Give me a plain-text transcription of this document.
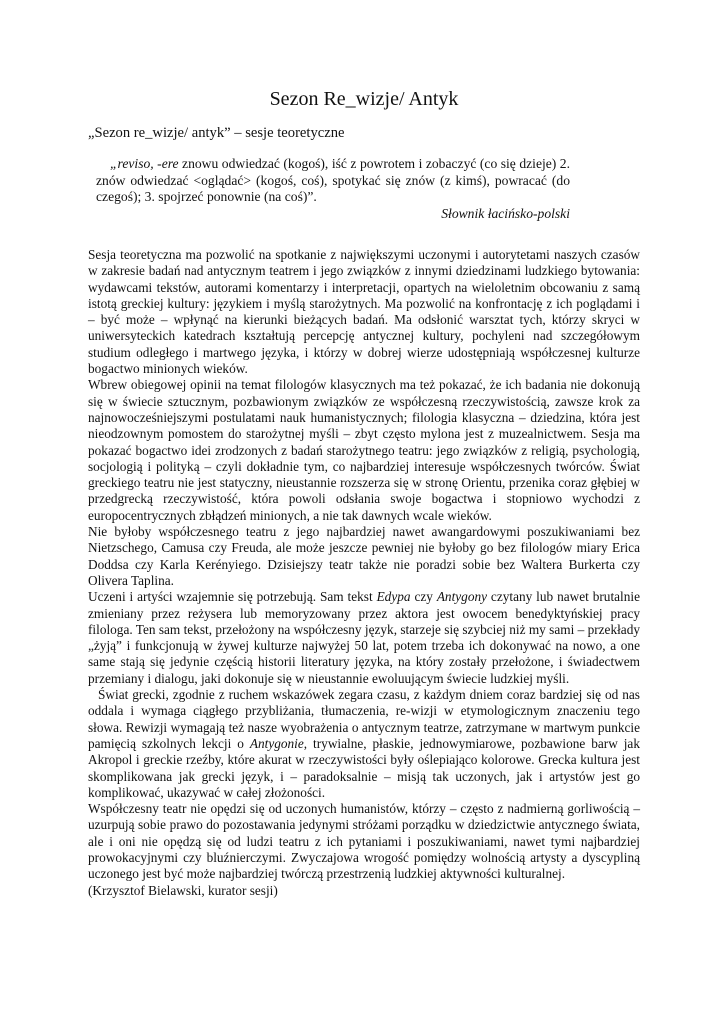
Sezon Re_wizje/ Antyk

„Sezon re_wizje/ antyk” – sesje teoretyczne

„reviso, -ere znowu odwiedzać (kogoś), iść z powrotem i zobaczyć (co się dzieje) 2. znów odwiedzać <oglądać> (kogoś, coś), spotykać się znów (z kimś), powracać (do czegoś); 3. spojrzeć ponownie (na coś)”.

Słownik łacińsko-polski

Sesja teoretyczna ma pozwolić na spotkanie z największymi uczonymi i autorytetami naszych czasów w zakresie badań nad antycznym teatrem i jego związków z innymi dziedzinami ludzkiego bytowania: wydawcami tekstów, autorami komentarzy i interpretacji, opartych na wieloletnim obcowaniu z samą istotą greckiej kultury: językiem i myślą starożytnych. Ma pozwolić na konfrontację z ich poglądami i – być może – wpłynąć na kierunki bieżących badań. Ma odsłonić warsztat tych, którzy skryci w uniwersyteckich katedrach kształtują percepcję antycznej kultury, pochyleni nad szczegółowym studium odległego i martwego języka, i którzy w dobrej wierze udostępniają współczesnej kulturze bogactwo minionych wieków.

Wbrew obiegowej opinii na temat filologów klasycznych ma też pokazać, że ich badania nie dokonują się w świecie sztucznym, pozbawionym związków ze współczesną rzeczywistością, zawsze krok za najnowocześniejszymi postulatami nauk humanistycznych; filologia klasyczna – dziedzina, która jest nieodzownym pomostem do starożytnej myśli – zbyt często mylona jest z muzealnictwem. Sesja ma pokazać bogactwo idei zrodzonych z badań starożytnego teatru: jego związków z religią, psychologią, socjologią i polityką – czyli dokładnie tym, co najbardziej interesuje współczesnych twórców. Świat greckiego teatru nie jest statyczny, nieustannie rozszerza się w stronę Orientu, przenika coraz głębiej w przedgrecką rzeczywistość, która powoli odsłania swoje bogactwa i stopniowo wychodzi z europocentrycznych zbłądzeń minionych, a nie tak dawnych wcale wieków.

Nie byłoby współczesnego teatru z jego najbardziej nawet awangardowymi poszukiwaniami bez Nietzschego, Camusa czy Freuda, ale może jeszcze pewniej nie byłoby go bez filologów miary Erica Doddsa czy Karla Kerényiego. Dzisiejszy teatr także nie poradzi sobie bez Waltera Burkerta czy Olivera Taplina.

Uczeni i artyści wzajemnie się potrzebują. Sam tekst Edypa czy Antygony czytany lub nawet brutalnie zmieniany przez reżysera lub memoryzowany przez aktora jest owocem benedyktyńskiej pracy filologa. Ten sam tekst, przełożony na współczesny język, starzeje się szybciej niż my sami – przekłady „żyją” i funkcjonują w żywej kulturze najwyżej 50 lat, potem trzeba ich dokonywać na nowo, a one same stają się jedynie częścią historii literatury języka, na który zostały przełożone, i świadectwem przemiany i dialogu, jaki dokonuje się w nieustannie ewoluującym świecie ludzkiej myśli.

Świat grecki, zgodnie z ruchem wskazówek zegara czasu, z każdym dniem coraz bardziej się od nas oddala i wymaga ciągłego przybliżania, tłumaczenia, re-wizji w etymologicznym znaczeniu tego słowa. Rewizji wymagają też nasze wyobrażenia o antycznym teatrze, zatrzymane w martwym punkcie pamięcią szkolnych lekcji o Antygonie, trywialne, płaskie, jednowymiarowe, pozbawione barw jak Akropol i greckie rzeźby, które akurat w rzeczywistości były oślepiająco kolorowe. Grecka kultura jest skomplikowana jak grecki język, i – paradoksalnie – misją tak uczonych, jak i artystów jest go komplikować, ukazywać w całej złożoności.

Współczesny teatr nie opędzi się od uczonych humanistów, którzy – często z nadmierną gorliwością – uzurpują sobie prawo do pozostawania jedynymi stróżami porządku w dziedzictwie antycznego świata, ale i oni nie opędzą się od ludzi teatru z ich pytaniami i poszukiwaniami, nawet tymi najbardziej prowokacyjnymi czy bluźnierczymi. Zwyczajowa wrogość pomiędzy wolnością artysty a dyscypliną uczonego jest być może najbardziej twórczą przestrzenią ludzkiej aktywności kulturalnej.

(Krzysztof Bielawski, kurator sesji)
